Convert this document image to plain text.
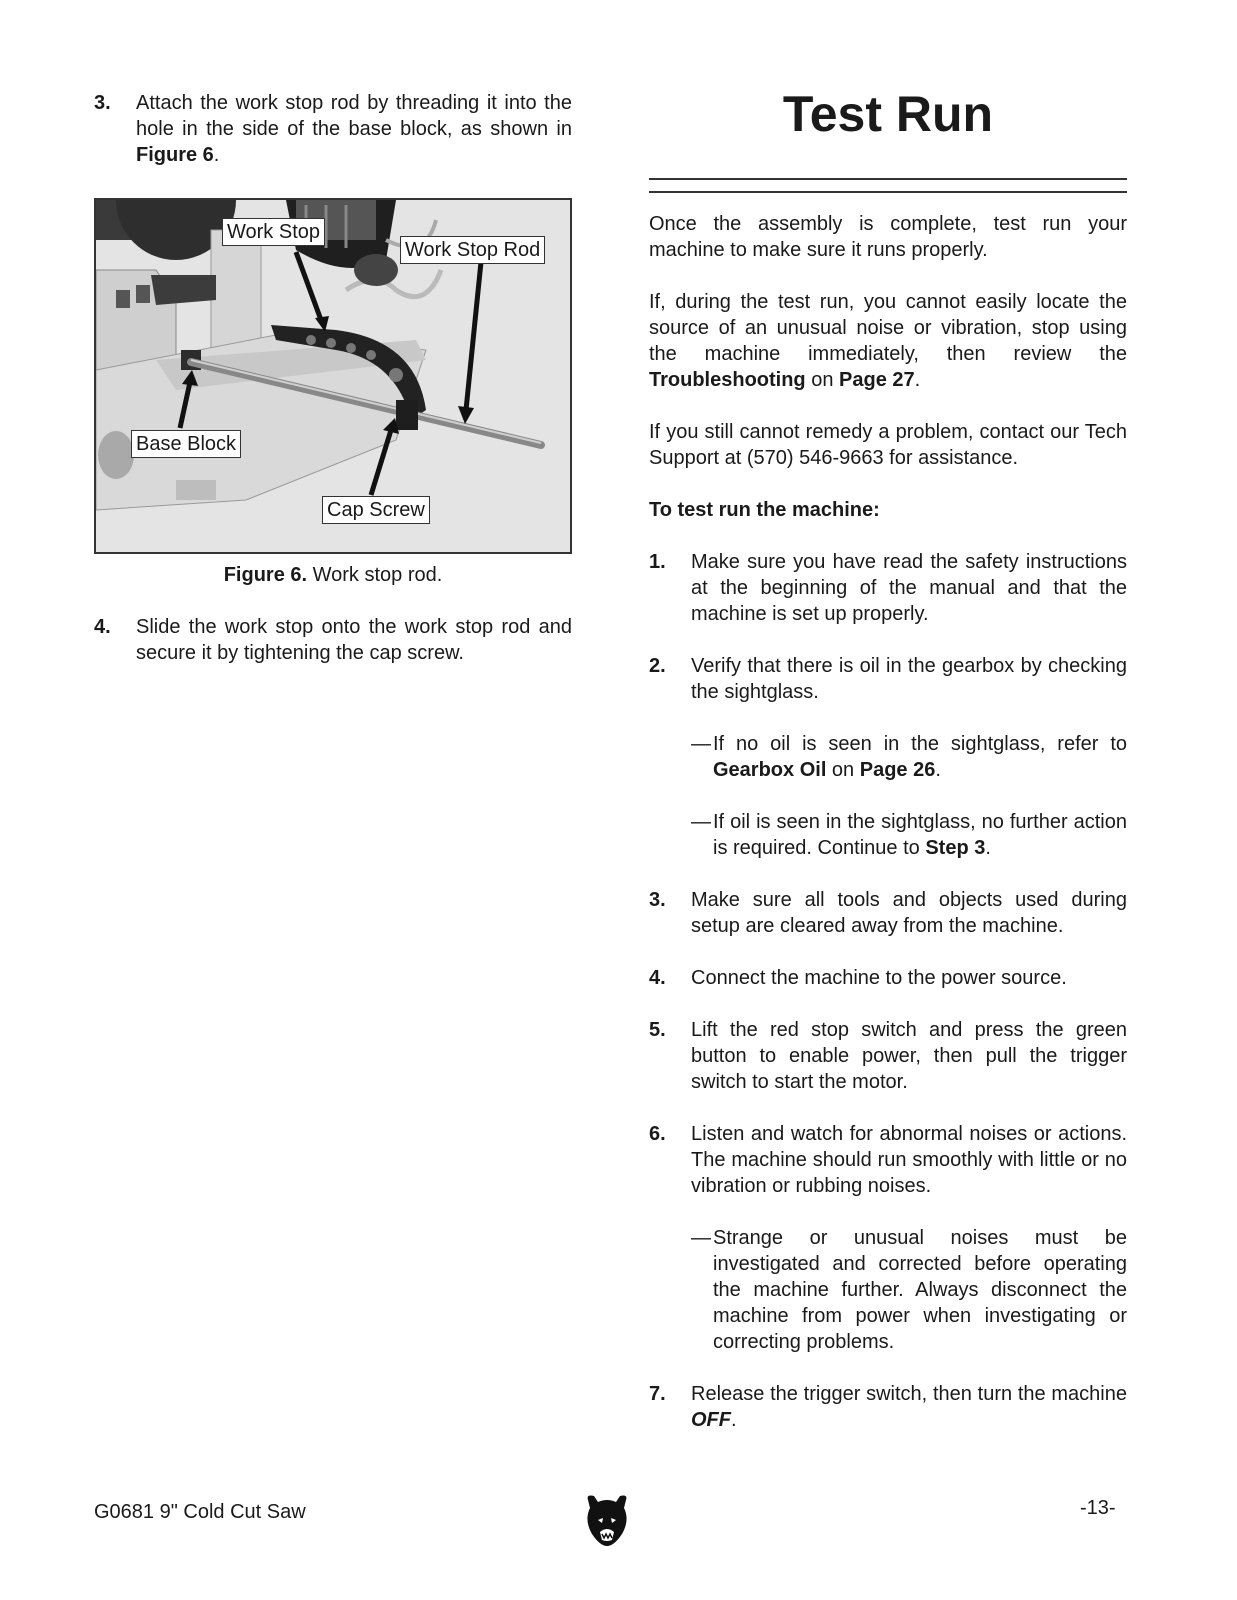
3.	Attach the work stop rod by threading it into the hole in the side of the base block, as shown in Figure 6.
Work Stop
Work Stop Rod
Base Block
Cap Screw
Figure 6. Work stop rod.
4.	Slide the work stop onto the work stop rod and secure it by tightening the cap screw.
Test Run

Once the assembly is complete, test run your machine to make sure it runs properly.

If, during the test run, you cannot easily locate the source of an unusual noise or vibration, stop using the machine immediately, then review the Troubleshooting on Page 27.

If you still cannot remedy a problem, contact our Tech Support at (570) 546-9663 for assistance.

To test run the machine:

1.	Make sure you have read the safety instructions at the beginning of the manual and that the machine is set up properly.
2.	Verify that there is oil in the gearbox by checking the sightglass.
— If no oil is seen in the sightglass, refer to Gearbox Oil on Page 26.
— If oil is seen in the sightglass, no further action is required. Continue to Step 3.
3.	Make sure all tools and objects used during setup are cleared away from the machine.
4.	Connect the machine to the power source.
5.	Lift the red stop switch and press the green button to enable power, then pull the trigger switch to start the motor.
6.	Listen and watch for abnormal noises or actions. The machine should run smoothly with little or no vibration or rubbing noises.
— Strange or unusual noises must be investigated and corrected before operating the machine further. Always disconnect the machine from power when investigating or correcting problems.
7.	Release the trigger switch, then turn the machine OFF.
G0681 9" Cold Cut Saw	-13-
